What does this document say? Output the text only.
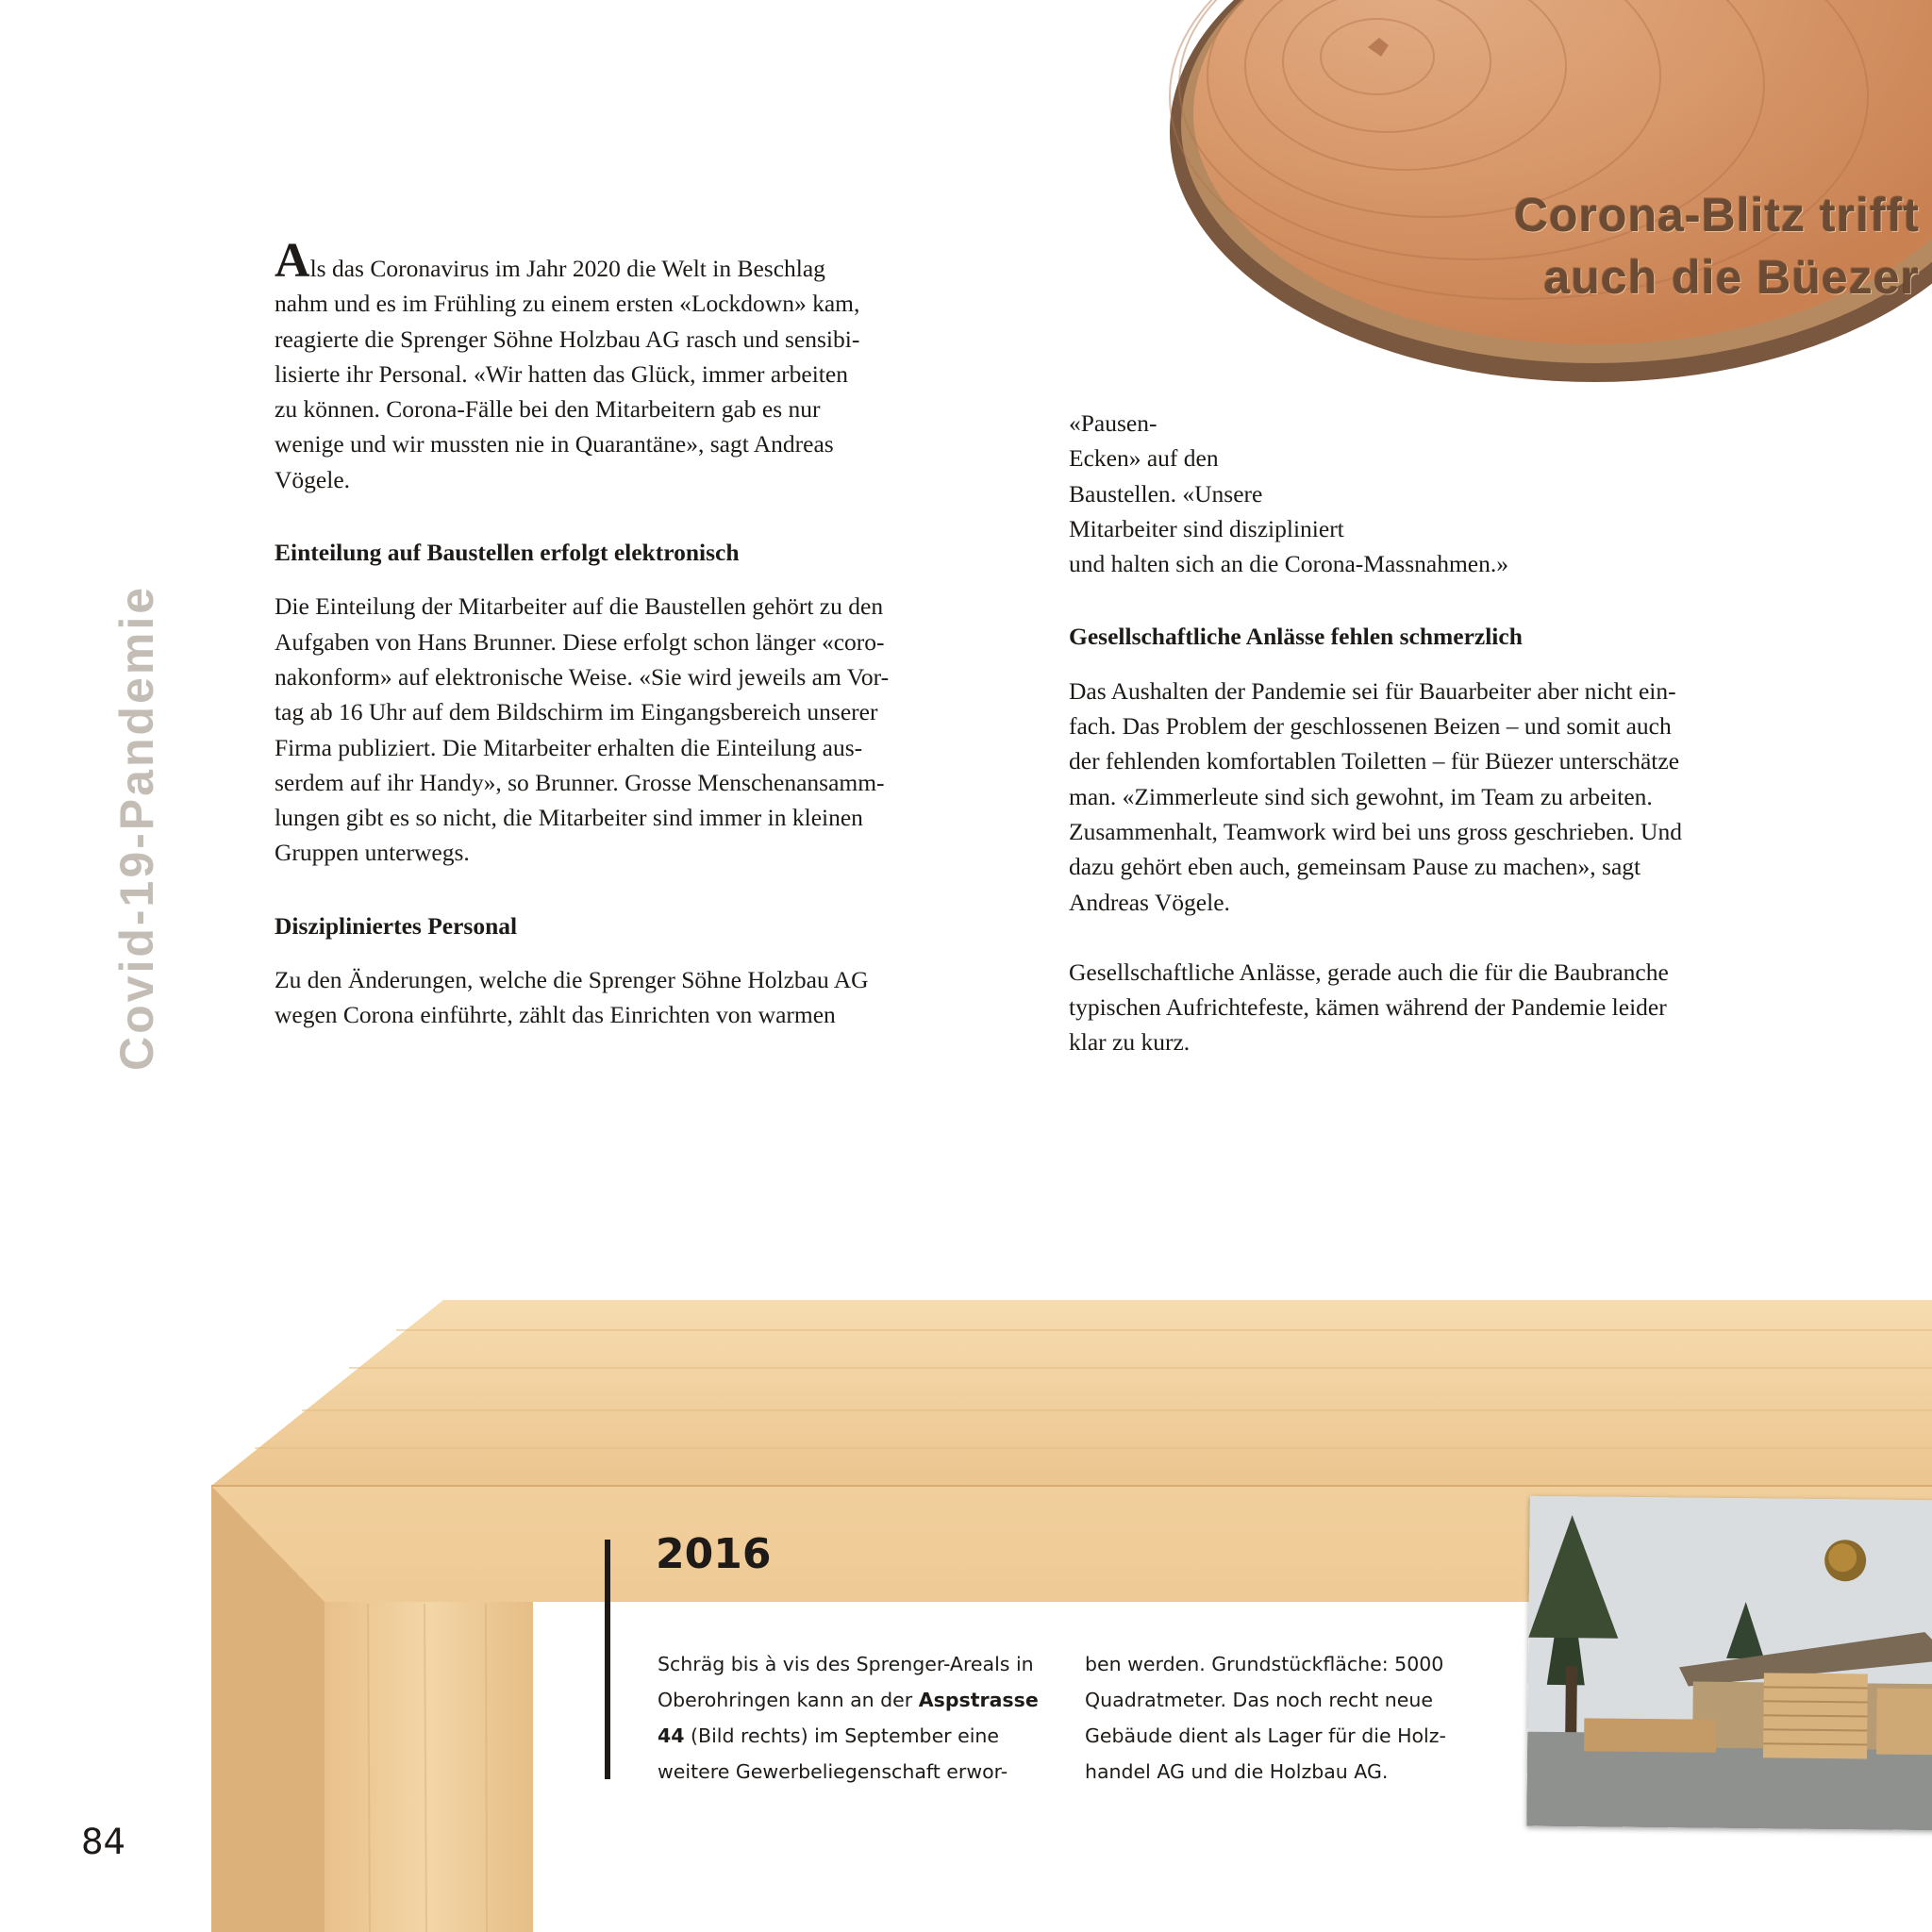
Corona-Blitz trifft
auch die Büezer
Covid-19-Pandemie

Als das Coronavirus im Jahr 2020 die Welt in Beschlag
nahm und es im Frühling zu einem ersten «Lockdown» kam,
reagierte die Sprenger Söhne Holzbau AG rasch und sensibi-
lisierte ihr Personal. «Wir hatten das Glück, immer arbeiten
zu können. Corona-Fälle bei den Mitarbeitern gab es nur
wenige und wir mussten nie in Quarantäne», sagt Andreas
Vögele.

Einteilung auf Baustellen erfolgt elektronisch

Die Einteilung der Mitarbeiter auf die Baustellen gehört zu den
Aufgaben von Hans Brunner. Diese erfolgt schon länger «coro-
nakonform» auf elektronische Weise. «Sie wird jeweils am Vor-
tag ab 16 Uhr auf dem Bildschirm im Eingangsbereich unserer
Firma publiziert. Die Mitarbeiter erhalten die Einteilung aus-
serdem auf ihr Handy», so Brunner. Grosse Menschenansamm-
lungen gibt es so nicht, die Mitarbeiter sind immer in kleinen
Gruppen unterwegs.

Diszipliniertes Personal

Zu den Änderungen, welche die Sprenger Söhne Holzbau AG
wegen Corona einführte, zählt das Einrichten von warmen

«Pausen-
Ecken» auf den
Baustellen. «Unsere
Mitarbeiter sind diszipliniert
und halten sich an die Corona-Massnahmen.»

Gesellschaftliche Anlässe fehlen schmerzlich

Das Aushalten der Pandemie sei für Bauarbeiter aber nicht ein-
fach. Das Problem der geschlossenen Beizen – und somit auch
der fehlenden komfortablen Toiletten – für Büezer unterschätze
man. «Zimmerleute sind sich gewohnt, im Team zu arbeiten.
Zusammenhalt, Teamwork wird bei uns gross geschrieben. Und
dazu gehört eben auch, gemeinsam Pause zu machen», sagt
Andreas Vögele.

Gesellschaftliche Anlässe, gerade auch die für die Baubranche
typischen Aufrichtefeste, kämen während der Pandemie leider
klar zu kurz.

2016
Schräg bis à vis des Sprenger-Areals in
Oberohringen kann an der Aspstrasse
44 (Bild rechts) im September eine
weitere Gewerbeliegenschaft erwor-
ben werden. Grundstückfläche: 5000
Quadratmeter. Das noch recht neue
Gebäude dient als Lager für die Holz-
handel AG und die Holzbau AG.
84
